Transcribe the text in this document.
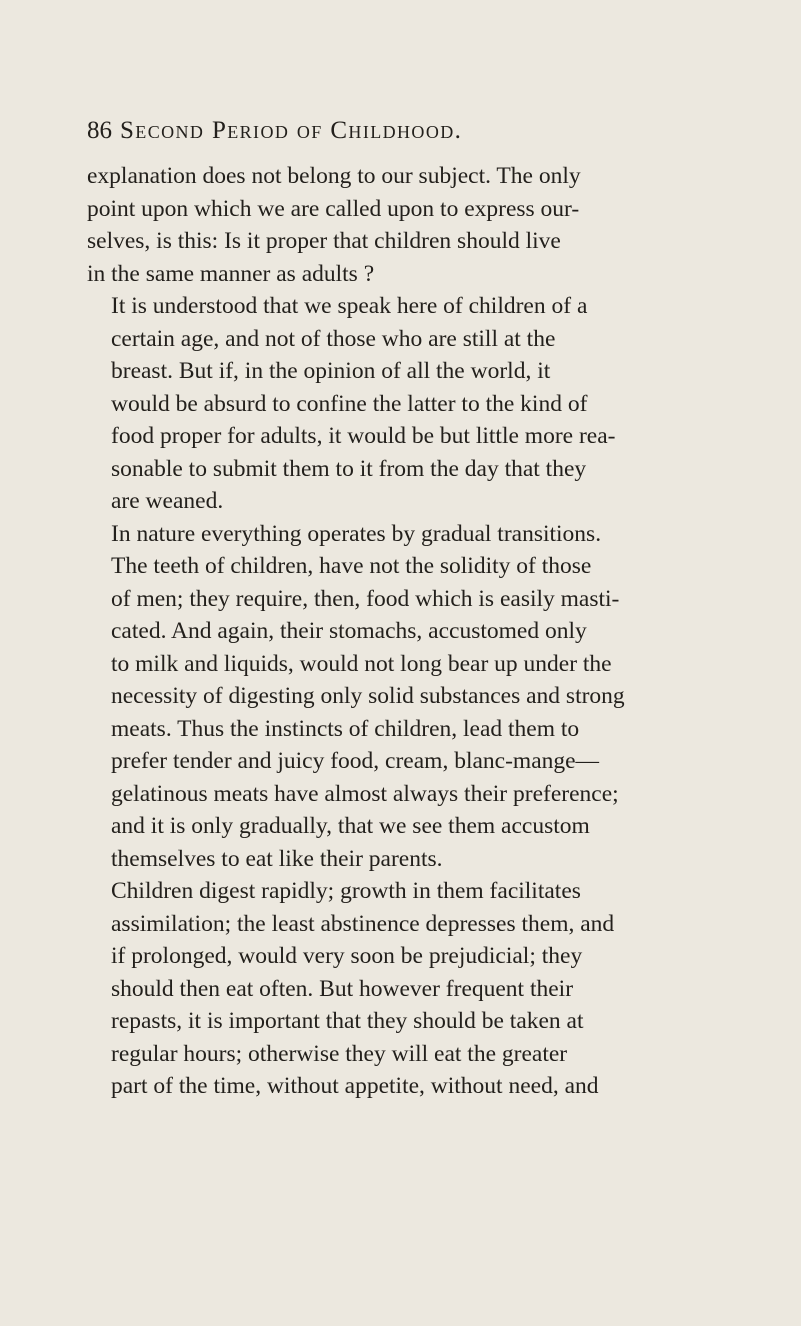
86 Second Period of Childhood.

explanation does not belong to our subject. The only
point upon which we are called upon to express our-
selves, is this: Is it proper that children should live
in the same manner as adults ?

It is understood that we speak here of children of a
certain age, and not of those who are still at the
breast. But if, in the opinion of all the world, it
would be absurd to confine the latter to the kind of
food proper for adults, it would be but little more rea-
sonable to submit them to it from the day that they
are weaned.

In nature everything operates by gradual transitions.
The teeth of children, have not the solidity of those
of men; they require, then, food which is easily masti-
cated. And again, their stomachs, accustomed only
to milk and liquids, would not long bear up under the
necessity of digesting only solid substances and strong
meats. Thus the instincts of children, lead them to
prefer tender and juicy food, cream, blanc-mange—
gelatinous meats have almost always their preference;
and it is only gradually, that we see them accustom
themselves to eat like their parents.

Children digest rapidly; growth in them facilitates
assimilation; the least abstinence depresses them, and
if prolonged, would very soon be prejudicial; they
should then eat often. But however frequent their
repasts, it is important that they should be taken at
regular hours; otherwise they will eat the greater
part of the time, without appetite, without need, and
